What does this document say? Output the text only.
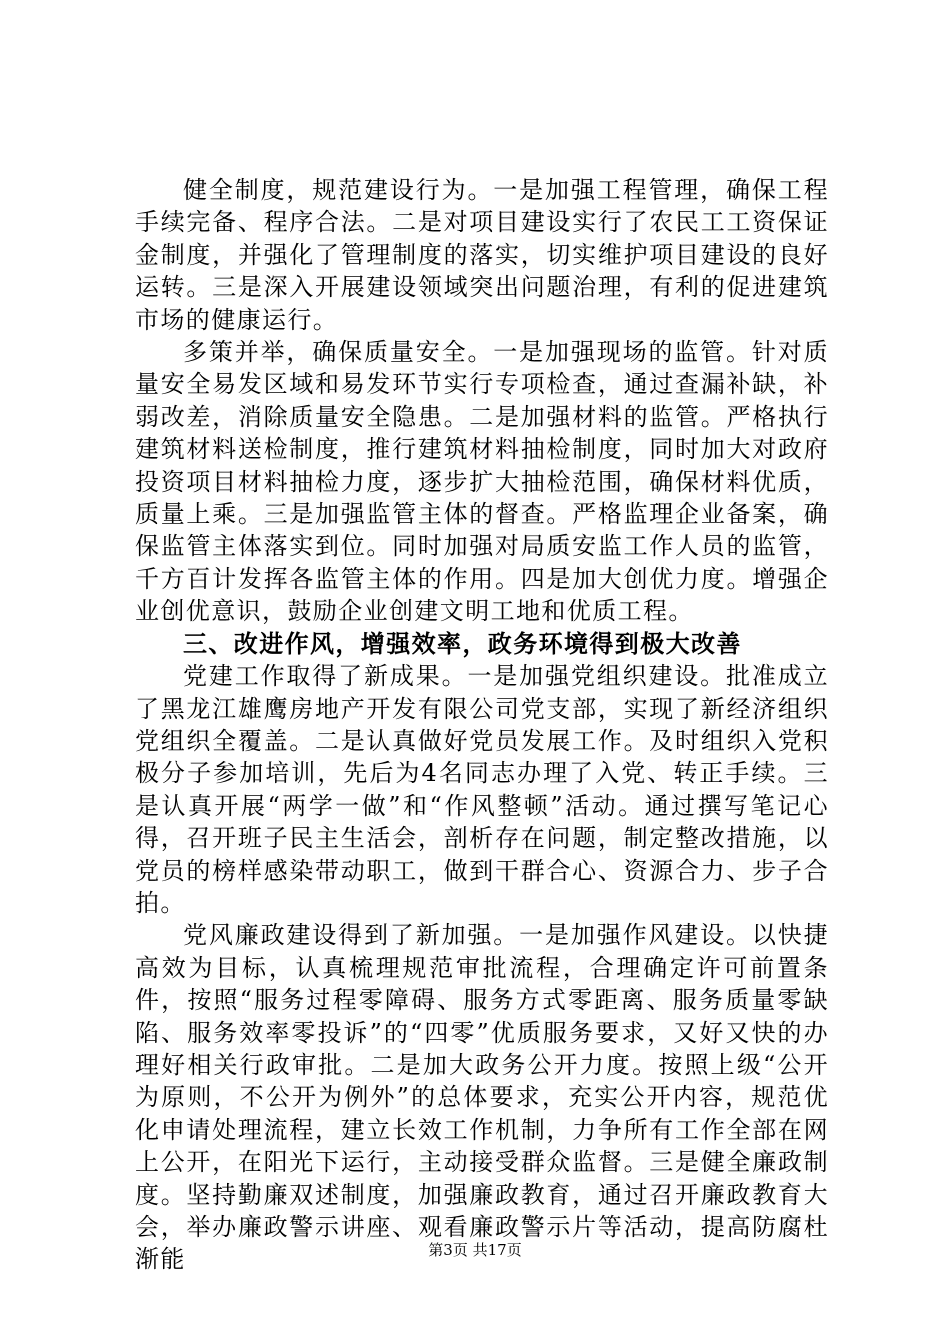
健全制度，规范建设行为。一是加强工程管理，确保工程手续完备、程序合法。二是对项目建设实行了农民工工资保证金制度，并强化了管理制度的落实，切实维护项目建设的良好运转。三是深入开展建设领域突出问题治理，有利的促进建筑市场的健康运行。

多策并举，确保质量安全。一是加强现场的监管。针对质量安全易发区域和易发环节实行专项检查，通过查漏补缺，补弱改差，消除质量安全隐患。二是加强材料的监管。严格执行建筑材料送检制度，推行建筑材料抽检制度，同时加大对政府投资项目材料抽检力度，逐步扩大抽检范围，确保材料优质，质量上乘。三是加强监管主体的督查。严格监理企业备案，确保监管主体落实到位。同时加强对局质安监工作人员的监管，千方百计发挥各监管主体的作用。四是加大创优力度。增强企业创优意识，鼓励企业创建文明工地和优质工程。

三、改进作风，增强效率，政务环境得到极大改善

党建工作取得了新成果。一是加强党组织建设。批准成立了黑龙江雄鹰房地产开发有限公司党支部，实现了新经济组织党组织全覆盖。二是认真做好党员发展工作。及时组织入党积极分子参加培训，先后为4名同志办理了入党、转正手续。三是认真开展“两学一做”和“作风整顿”活动。通过撰写笔记心得，召开班子民主生活会，剖析存在问题，制定整改措施，以党员的榜样感染带动职工，做到干群合心、资源合力、步子合拍。

党风廉政建设得到了新加强。一是加强作风建设。以快捷高效为目标，认真梳理规范审批流程，合理确定许可前置条件，按照“服务过程零障碍、服务方式零距离、服务质量零缺陷、服务效率零投诉”的“四零”优质服务要求，又好又快的办理好相关行政审批。二是加大政务公开力度。按照上级“公开为原则，不公开为例外”的总体要求，充实公开内容，规范优化申请处理流程，建立长效工作机制，力争所有工作全部在网上公开，在阳光下运行，主动接受群众监督。三是健全廉政制度。坚持勤廉双述制度，加强廉政教育，通过召开廉政教育大会，举办廉政警示讲座、观看廉政警示片等活动，提高防腐杜渐能	第3页 共17页
